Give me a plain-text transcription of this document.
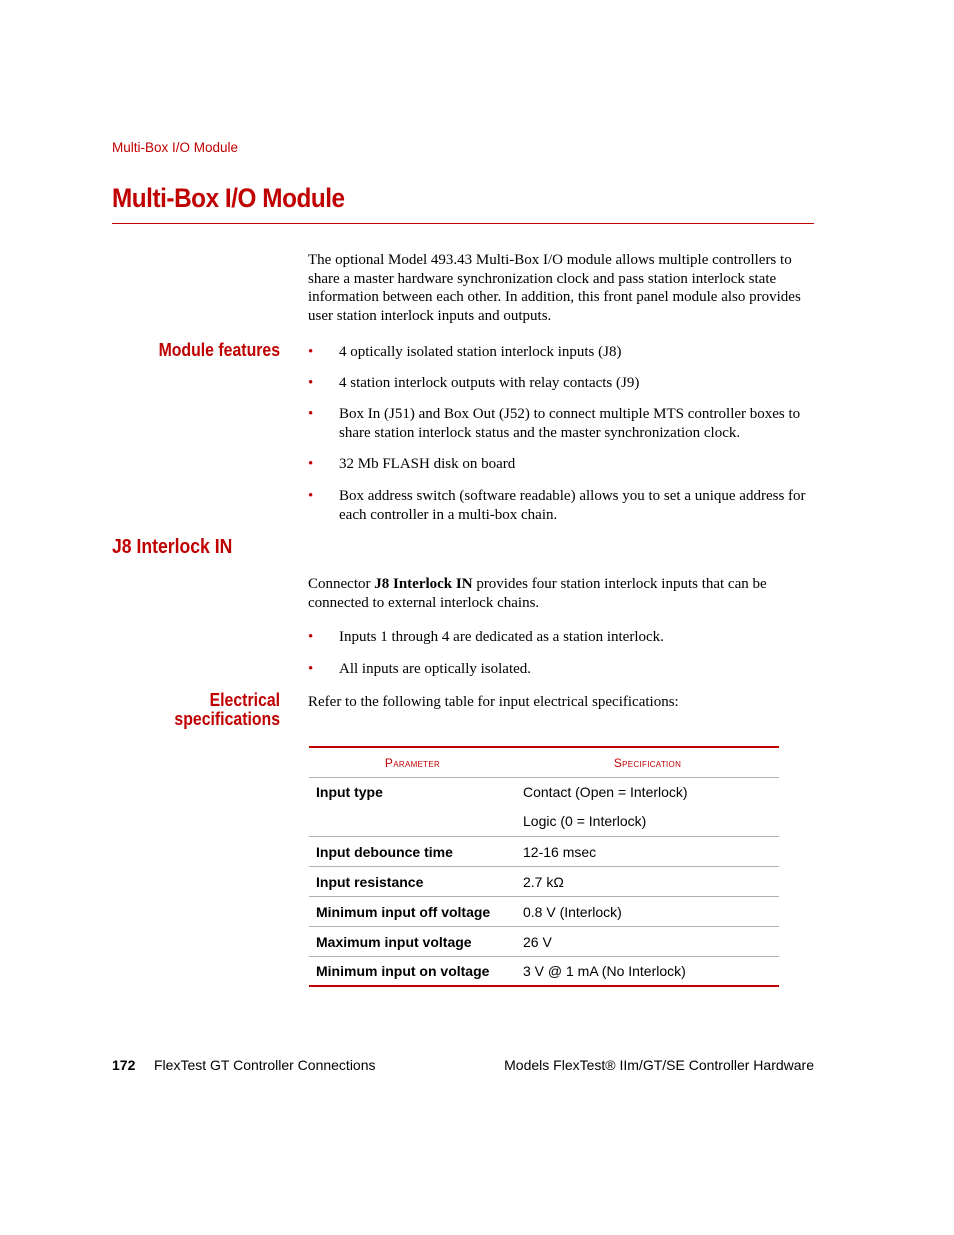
Multi-Box I/O Module
Multi-Box I/O Module
The optional Model 493.43 Multi-Box I/O module allows multiple controllers to share a master hardware synchronization clock and pass station interlock state information between each other. In addition, this front panel module also provides user station interlock inputs and outputs.
Module features • 4 optically isolated station interlock inputs (J8)
• 4 station interlock outputs with relay contacts (J9)
• Box In (J51) and Box Out (J52) to connect multiple MTS controller boxes to share station interlock status and the master synchronization clock.
• 32 Mb FLASH disk on board
• Box address switch (software readable) allows you to set a unique address for each controller in a multi-box chain.
J8 Interlock IN
Connector J8 Interlock IN provides four station interlock inputs that can be connected to external interlock chains.
• Inputs 1 through 4 are dedicated as a station interlock.
• All inputs are optically isolated.
Electrical
specifications
Refer to the following table for input electrical specifications:
Parameter	Specification
Input type	Contact (Open = Interlock)
Logic (0 = Interlock)

Input debounce time	12-16 msec
Input resistance	2.7 kΩ
Minimum input off voltage	0.8 V (Interlock)
Maximum input voltage	26 V
Minimum input on voltage	3 V @ 1 mA (No Interlock)
172 FlexTest GT Controller Connections	Models FlexTest® IIm/GT/SE Controller Hardware
